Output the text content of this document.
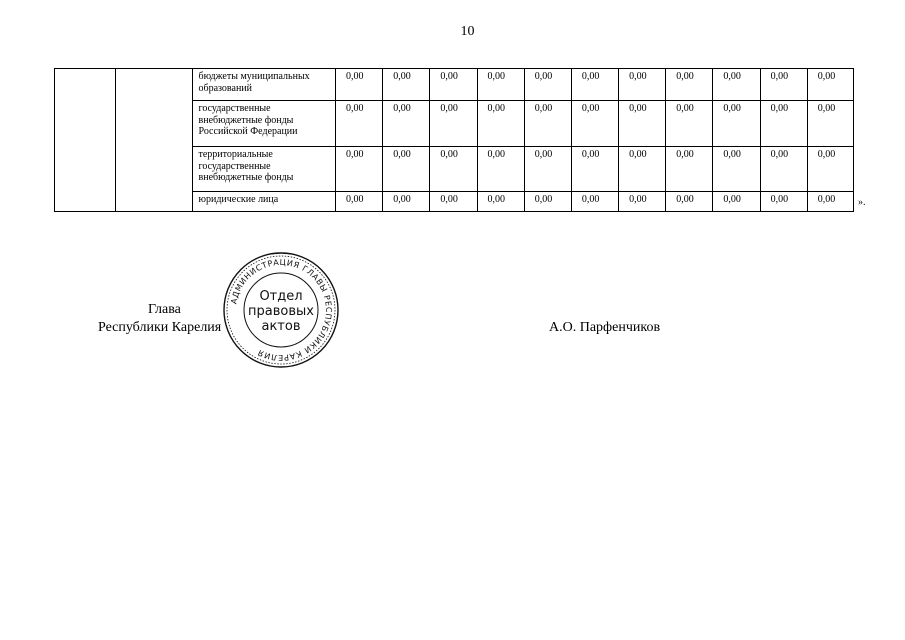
10
		бюджеты муниципальных образований	0,00	0,00	0,00	0,00	0,00	0,00	0,00	0,00	0,00	0,00	0,00
		государственные внебюджетные фонды Российской Федерации	0,00	0,00	0,00	0,00	0,00	0,00	0,00	0,00	0,00	0,00	0,00
		территориальные государственные внебюджетные фонды	0,00	0,00	0,00	0,00	0,00	0,00	0,00	0,00	0,00	0,00	0,00
		юридические лица	0,00	0,00	0,00	0,00	0,00	0,00	0,00	0,00	0,00	0,00	0,00 ».
Глава
Республики Карелия	А.О. Парфенчиков
АДМИНИСТРАЦИЯ ГЛАВЫ РЕСПУБЛИКИ КАРЕЛИЯ
Отдел
правовых
актов
